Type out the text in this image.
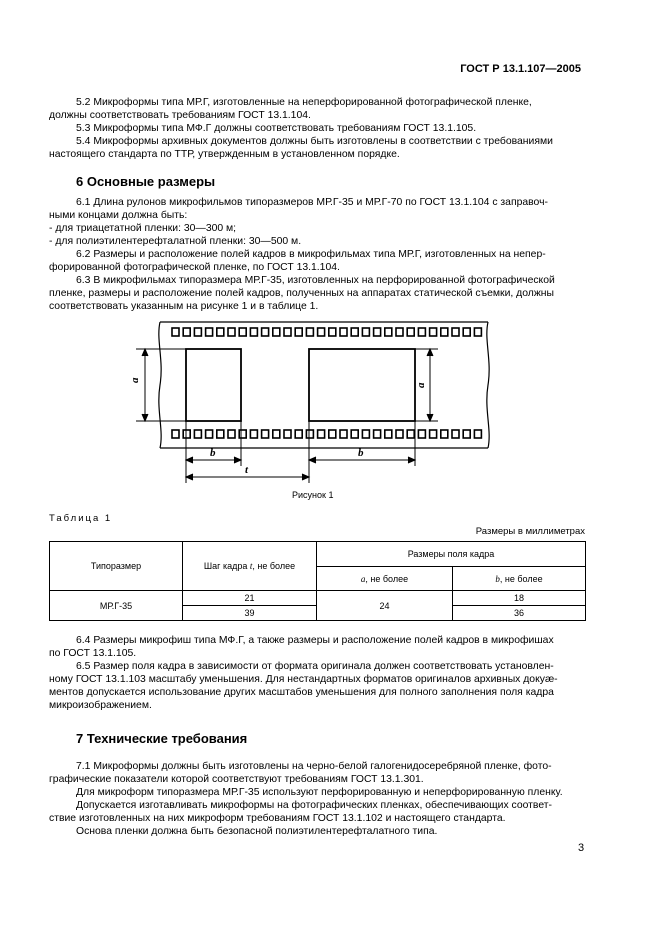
ГОСТ Р 13.1.107—2005
5.2 Микроформы типа МР.Г, изготовленные на неперфорированной фотографической пленке,
должны соответствовать требованиям ГОСТ 13.1.104.
5.3 Микроформы типа МФ.Г должны соответствовать требованиям ГОСТ 13.1.105.
5.4 Микроформы архивных документов должны быть изготовлены в соответствии с требованиями
настоящего стандарта по ТТР, утвержденным в установленном порядке.
6 Основные размеры
6.1 Длина рулонов микрофильмов типоразмеров МР.Г-35 и МР.Г-70 по ГОСТ 13.1.104 с заправоч-
ными концами должна быть:
- для триацетатной пленки: 30—300 м;
- для полиэтилентерефталатной пленки: 30—500 м.
6.2 Размеры и расположение полей кадров в микрофильмах типа МР.Г, изготовленных на непер-
форированной фотографической пленке, по ГОСТ 13.1.104.
6.3 В микрофильмах типоразмера МР.Г-35, изготовленных на перфорированной фотографической
пленке, размеры и расположение полей кадров, полученных на аппаратах статической съемки, должны
соответствовать указанным на рисунке 1 и в таблице 1.
a
a
b	b
t
Рисунок 1
Таблица 1
Размеры в миллиметрах
Типоразмер	Шаг кадра t, не более	Размеры поля кадра	
		a, не более	b, не более
МР.Г-35	21	24	18
	39		36
6.4 Размеры микрофиш типа МФ.Г, а также размеры и расположение полей кадров в микрофишах
по ГОСТ 13.1.105.
6.5 Размер поля кадра в зависимости от формата оригинала должен соответствовать установлен-
ному ГОСТ 13.1.103 масштабу уменьшения. Для нестандартных форматов оригиналов архивных докуæ-
ментов допускается использование других масштабов уменьшения для полного заполнения поля кадра
микроизображением.
7 Технические требования
7.1 Микроформы должны быть изготовлены на черно-белой галогенидосеребряной пленке, фото-
графические показатели которой соответствуют требованиям ГОСТ 13.1.301.
Для микроформ типоразмера МР.Г-35 используют перфорированную и неперфорированную пленку.
Допускается изготавливать микроформы на фотографических пленках, обеспечивающих соответ-
ствие изготовленных на них микроформ требованиям ГОСТ 13.1.102 и настоящего стандарта.
Основа пленки должна быть безопасной полиэтилентерефталатного типа.
3
